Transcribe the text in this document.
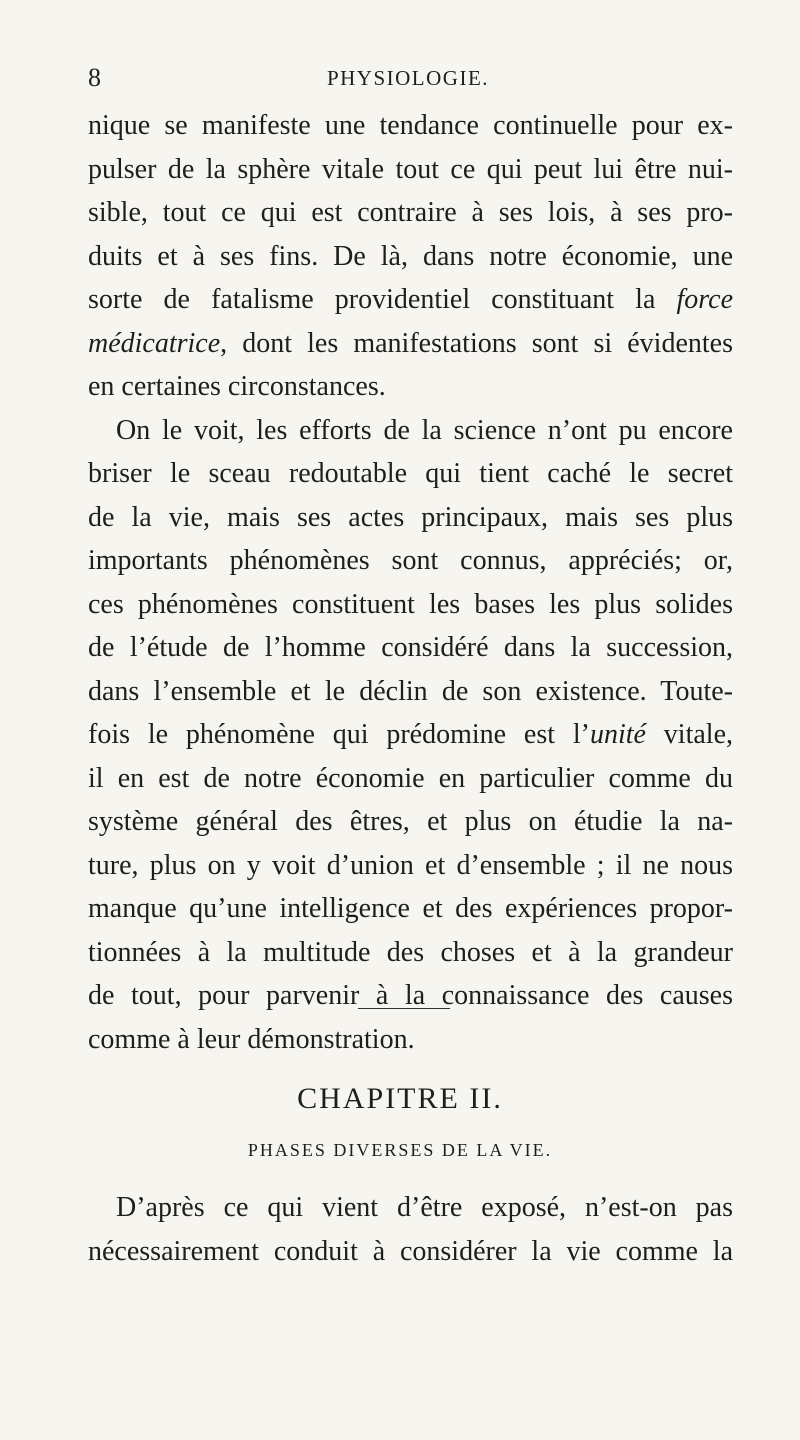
8	PHYSIOLOGIE.
nique se manifeste une tendance continuelle pour ex-
pulser de la sphère vitale tout ce qui peut lui être nui-
sible, tout ce qui est contraire à ses lois, à ses pro-
duits et à ses fins. De là, dans notre économie, une
sorte de fatalisme providentiel constituant la force
médicatrice, dont les manifestations sont si évidentes
en certaines circonstances.
On le voit, les efforts de la science n’ont pu encore
briser le sceau redoutable qui tient caché le secret
de la vie, mais ses actes principaux, mais ses plus
importants phénomènes sont connus, appréciés; or,
ces phénomènes constituent les bases les plus solides
de l’étude de l’homme considéré dans la succession,
dans l’ensemble et le déclin de son existence. Toute-
fois le phénomène qui prédomine est l’unité vitale,
il en est de notre économie en particulier comme du
système général des êtres, et plus on étudie la na-
ture, plus on y voit d’union et d’ensemble ; il ne nous
manque qu’une intelligence et des expériences propor-
tionnées à la multitude des choses et à la grandeur
de tout, pour parvenir à la connaissance des causes
comme à leur démonstration.
CHAPITRE II.
PHASES DIVERSES DE LA VIE.
D’après ce qui vient d’être exposé, n’est-on pas
nécessairement conduit à considérer la vie comme la
